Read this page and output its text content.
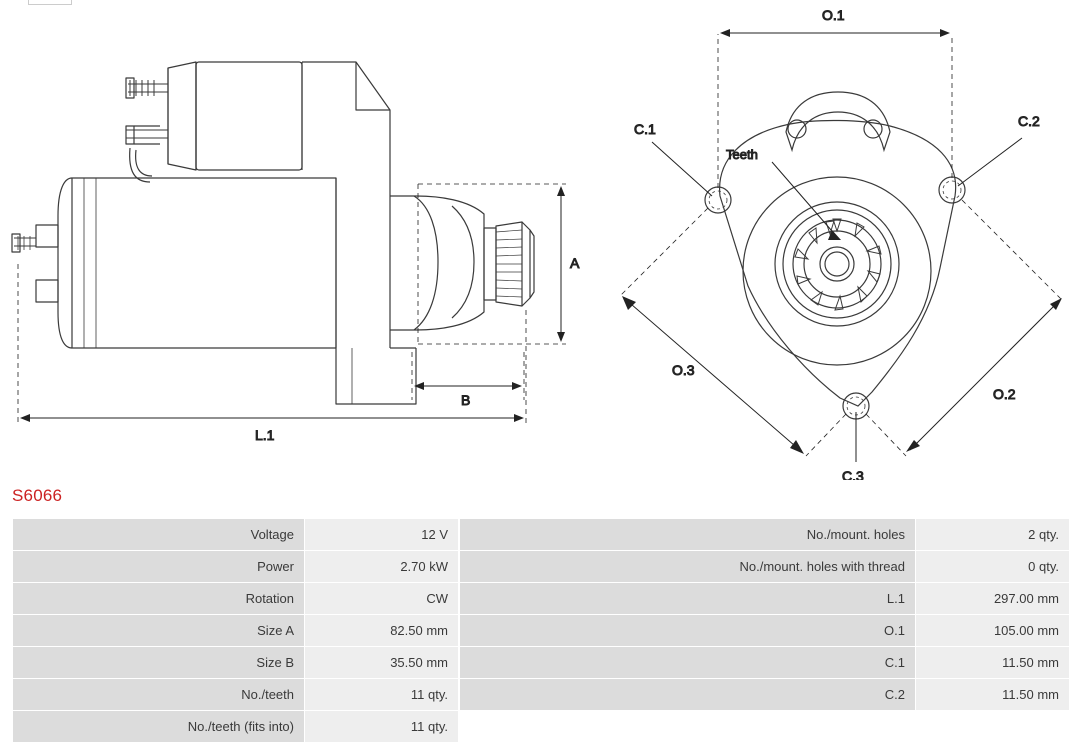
A
B
L.1
O.1
O.2
O.3
C.1	C.2
C.3
Teeth
S6066
Voltage	12 V
Power	2.70 kW
Rotation	CW
Size A	82.50 mm
Size B	35.50 mm
No./teeth	11 qty.
No./teeth (fits into)	11 qty.
No./mount. holes	2 qty.
No./mount. holes with thread	0 qty.
L.1	297.00 mm
O.1	105.00 mm
C.1	11.50 mm
C.2	11.50 mm
